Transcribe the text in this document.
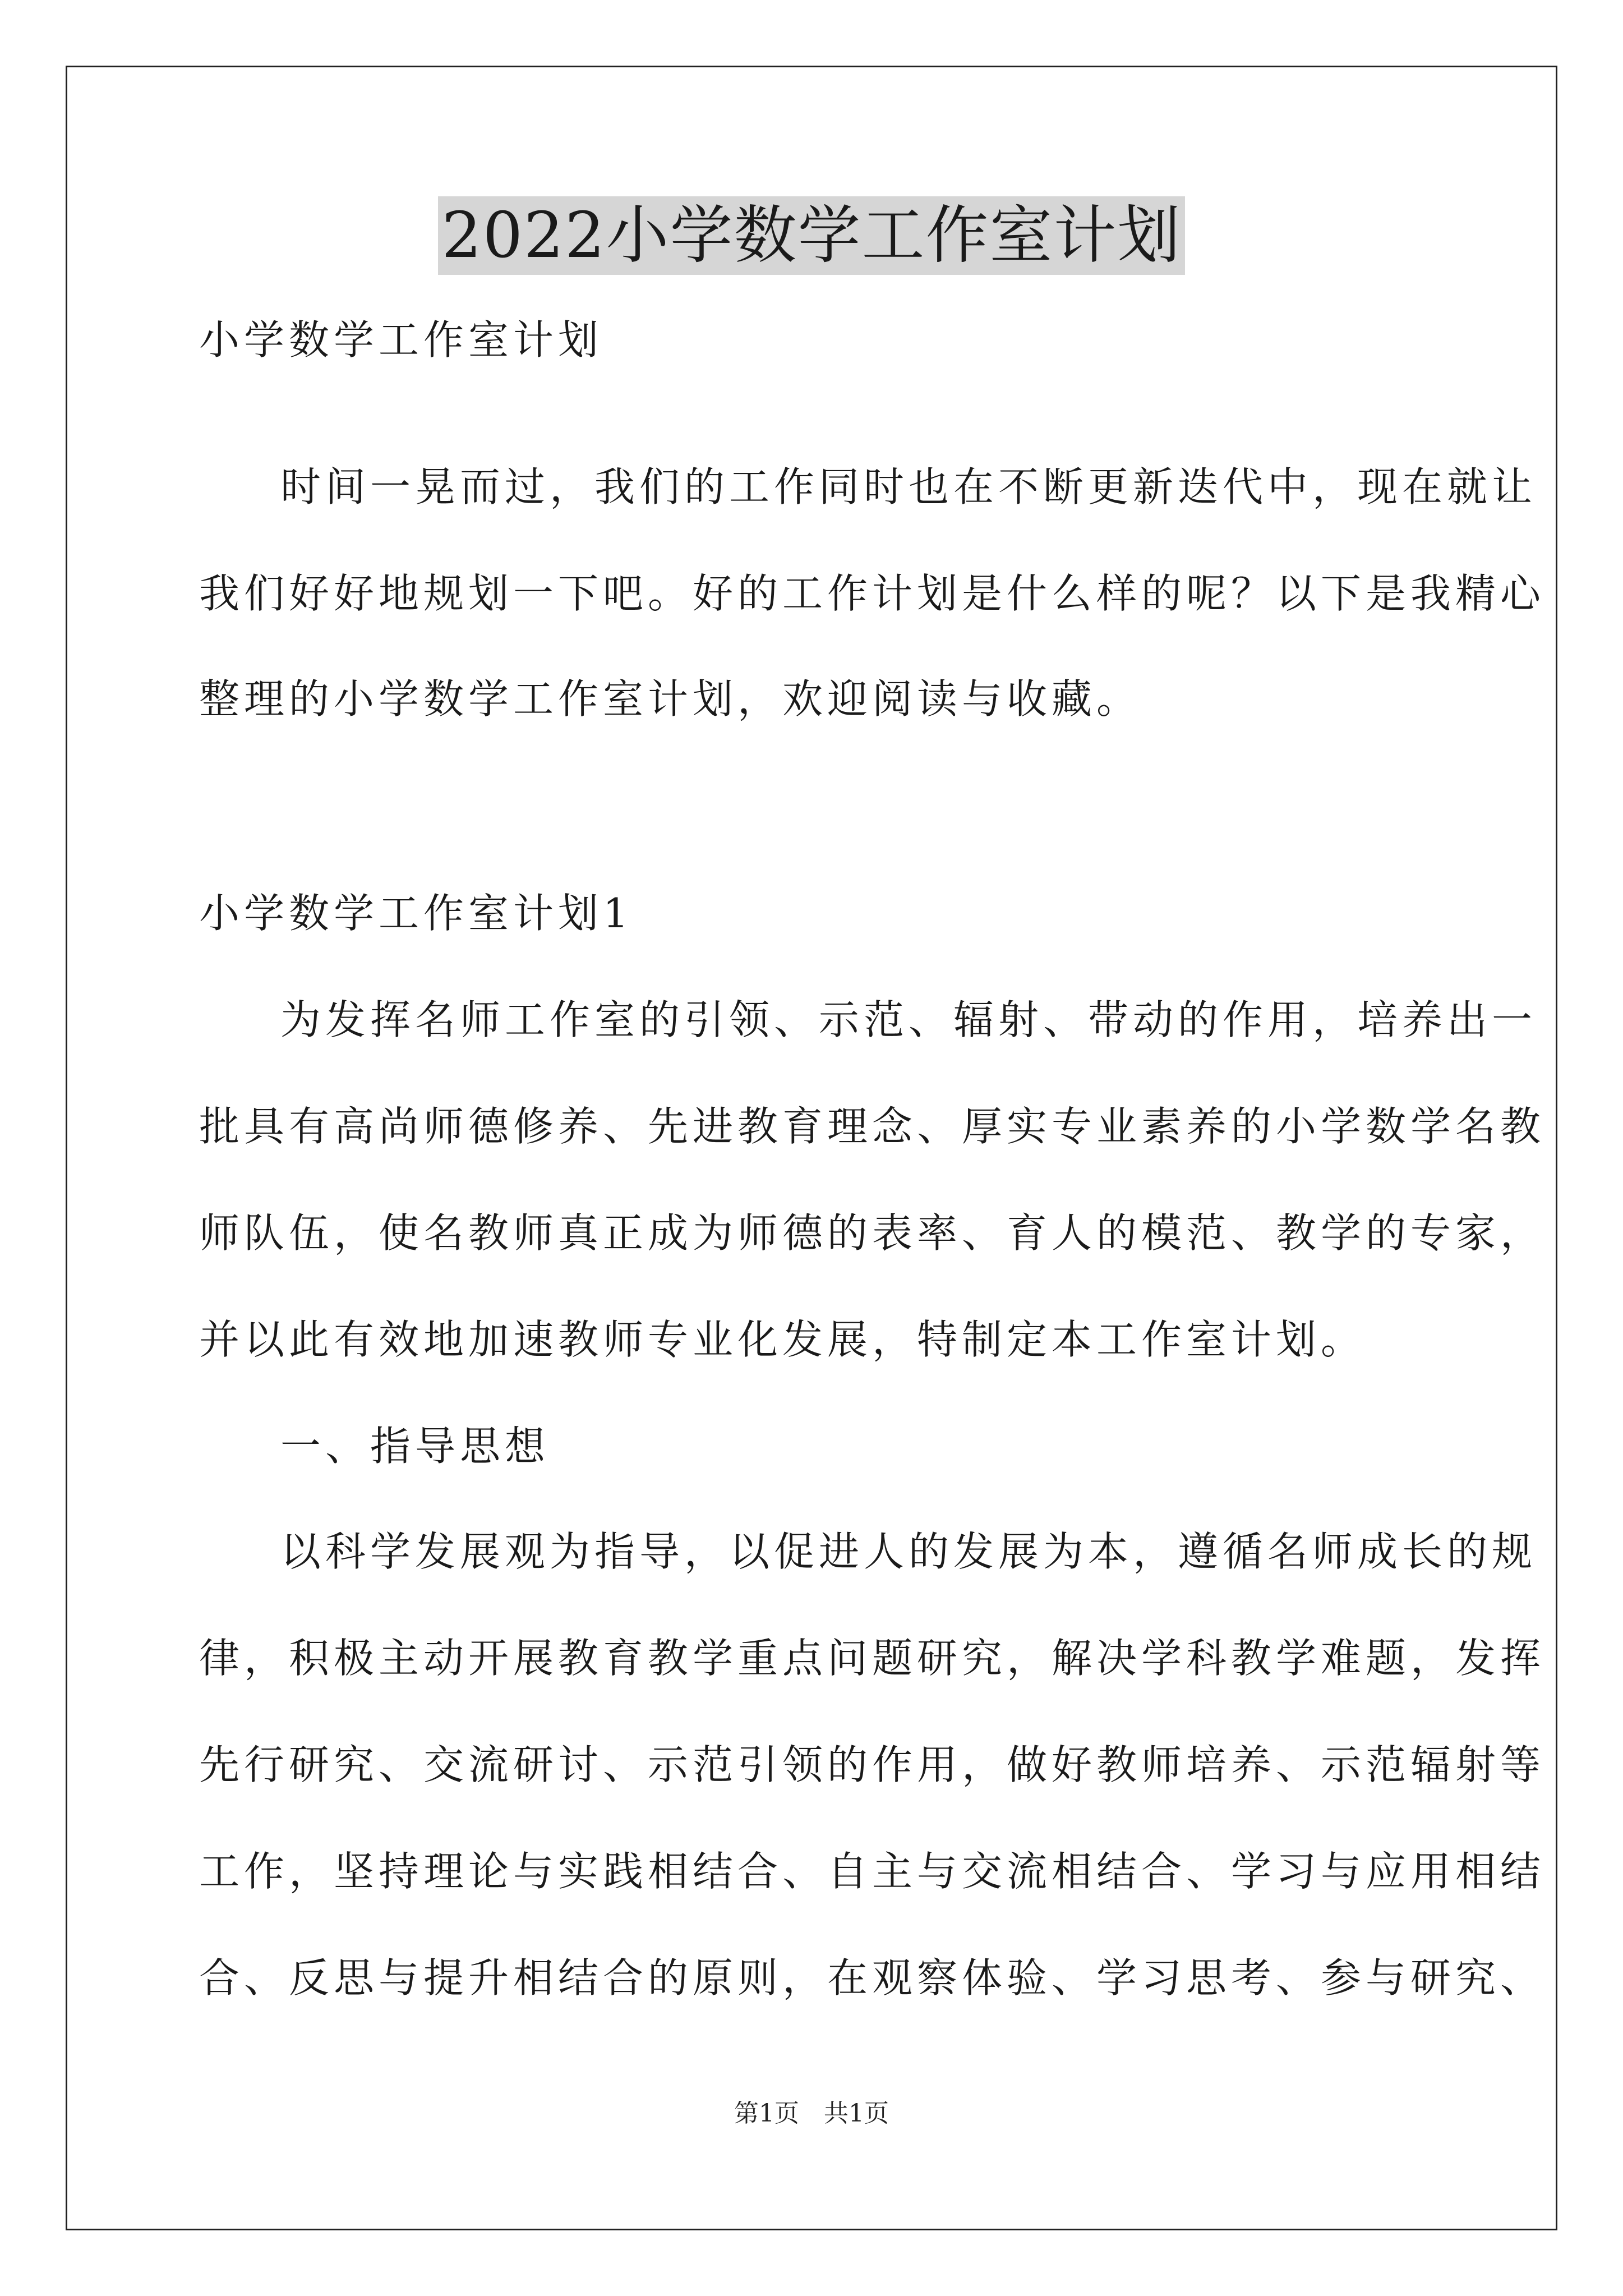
2022小学数学工作室计划
小学数学工作室计划
时间一晃而过，我们的工作同时也在不断更新迭代中，现在就让
我们好好地规划一下吧。好的工作计划是什么样的呢？以下是我精心
整理的小学数学工作室计划，欢迎阅读与收藏。
小学数学工作室计划1
为发挥名师工作室的引领、示范、辐射、带动的作用，培养出一
批具有高尚师德修养、先进教育理念、厚实专业素养的小学数学名教
师队伍，使名教师真正成为师德的表率、育人的模范、教学的专家，
并以此有效地加速教师专业化发展，特制定本工作室计划。
一、指导思想
以科学发展观为指导，以促进人的发展为本，遵循名师成长的规
律，积极主动开展教育教学重点问题研究，解决学科教学难题，发挥
先行研究、交流研讨、示范引领的作用，做好教师培养、示范辐射等
工作，坚持理论与实践相结合、自主与交流相结合、学习与应用相结
合、反思与提升相结合的原则，在观察体验、学习思考、参与研究、
第1页　共1页
